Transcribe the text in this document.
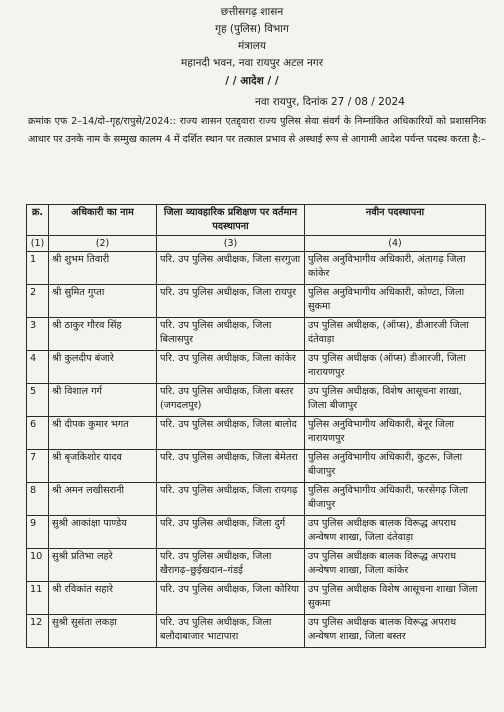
छत्तीसगढ़ शासन
गृह (पुलिस) विभाग
मंत्रालय
महानदी भवन, नवा रायपुर अटल नगर
/ / आदेश / /
नवा रायपुर, दिनांक 27 / 08 / 2024
क्रमांक एफ 2–14/दो–गृह/रापुसे/2024:: राज्य शासन एतद्द्वारा राज्य पुलिस सेवा संवर्ग के निम्नांकित अधिकारियों को प्रशासनिक आधार पर उनके नाम के सम्मुख कालम 4 में दर्शित स्थान पर तत्काल प्रभाव से अस्थाई रूप से आगामी आदेश पर्यन्त पदस्थ करता है:–
क्र.	अधिकारी का नाम	जिला व्यावहारिक प्रशिक्षण पर वर्तमान पदस्थापना	नवीन पदस्थापना
(1)	(2)	(3)	(4)
1	श्री शुभम तिवारी	परि. उप पुलिस अधीक्षक, जिला सरगुजा	पुलिस अनुविभागीय अधिकारी, अंतागढ़ जिला कांकेर
2	श्री सुमित गुप्ता	परि. उप पुलिस अधीक्षक, जिला रायपुर	पुलिस अनुविभागीय अधिकारी, कोण्टा, जिला सुकमा
3	श्री ठाकुर गौरव सिंह	परि. उप पुलिस अधीक्षक, जिला बिलासपुर	उप पुलिस अधीक्षक, (ऑप्स), डीआरजी जिला दंतेवाड़ा
4	श्री कुलदीप बंजारे	परि. उप पुलिस अधीक्षक, जिला कांकेर	उप पुलिस अधीक्षक (ऑप्स) डीआरजी, जिला नारायणपुर
5	श्री विशाल गर्ग	परि. उप पुलिस अधीक्षक, जिला बस्तर (जगदलपुर)	उप पुलिस अधीक्षक, विशेष आसूचना शाखा, जिला बीजापुर
6	श्री दीपक कुमार भगत	परि. उप पुलिस अधीक्षक, जिला बालोद	पुलिस अनुविभागीय अधिकारी, बेनूर जिला नारायणपुर
7	श्री बृजकिशोर यादव	परि. उप पुलिस अधीक्षक, जिला बेमेतरा	पुलिस अनुविभागीय अधिकारी, कुटरू, जिला बीजापुर
8	श्री अमन लखीसरानी	परि. उप पुलिस अधीक्षक, जिला रायगढ़	पुलिस अनुविभागीय अधिकारी, फरसेगढ़ जिला बीजापुर
9	सुश्री आकांक्षा पाण्डेय	परि. उप पुलिस अधीक्षक, जिला दुर्ग	उप पुलिस अधीक्षक बालक विरूद्ध अपराध अन्वेषण शाखा, जिला दंतेवाड़ा
10	सुश्री प्रतिभा लहरे	परि. उप पुलिस अधीक्षक, जिला खैरागढ़–छुईखदान–गंडई	उप पुलिस अधीक्षक बालक विरूद्ध अपराध अन्वेषण शाखा, जिला कांकेर
11	श्री रविकांत सहारे	परि. उप पुलिस अधीक्षक, जिला कोरिया	उप पुलिस अधीक्षक विशेष आसूचना शाखा जिला सुकमा
12	सुश्री सुसंता लकड़ा	परि. उप पुलिस अधीक्षक, जिला बलौदाबाजार भाटापारा	उप पुलिस अधीक्षक बालक विरूद्ध अपराध अन्वेषण शाखा, जिला बस्तर
